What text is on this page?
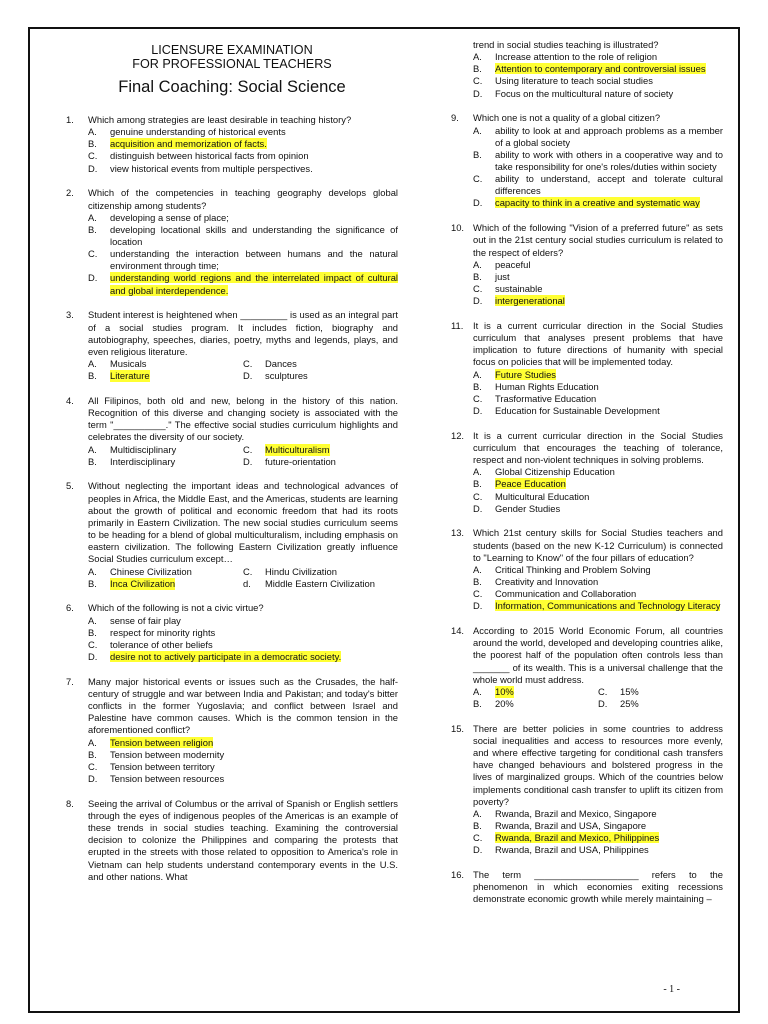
LICENSURE EXAMINATION
FOR PROFESSIONAL TEACHERS
Final Coaching: Social Science
1.	Which among strategies are least desirable in teaching history?
A.	genuine understanding of historical events
B.	acquisition and memorization of facts.
C.	distinguish between historical facts from opinion
D.	view historical events from multiple perspectives.
2.	Which of the competencies in teaching geography develops global citizenship among students?
A.	developing a sense of place;
B.	developing locational skills and understanding the significance of location
C.	understanding the interaction between humans and the natural environment through time;
D.	understanding world regions and the interrelated impact of cultural and global interdependence.
3.	Student interest is heightened when _________ is used as an integral part of a social studies program. It includes fiction, biography and autobiography, speeches, diaries, poetry, myths and legends, plays, and even religious literature.
A.	Musicals	C.	Dances
B.	Literature	D.	sculptures
4.	All Filipinos, both old and new, belong in the history of this nation. Recognition of this diverse and changing society is associated with the term "__________." The effective social studies curriculum highlights and celebrates the diversity of our society.
A.	Multidisciplinary	C.	Multiculturalism
B.	Interdisciplinary	D.	future-orientation
5.	Without neglecting the important ideas and technological advances of peoples in Africa, the Middle East, and the Americas, students are learning about the growth of political and economic freedom that had its roots primarily in Eastern Civilization. The new social studies curriculum seems to be heading for a blend of global multiculturalism, including emphasis on eastern civilization. The following Eastern Civilization greatly influence Social Studies curriculum except…
A.	Chinese Civilization	C.	Hindu Civilization
B.	Inca Civilization	d.	Middle Eastern Civilization
6.	Which of the following is not a civic virtue?
A.	sense of fair play
B.	respect for minority rights
C.	tolerance of other beliefs
D.	desire not to actively participate in a democratic society.
7.	Many major historical events or issues such as the Crusades, the half-century of struggle and war between India and Pakistan; and today's bitter conflicts in the former Yugoslavia; and conflict between Israel and Palestine have common causes. Which is the common tension in the aforementioned conflict?
A.	Tension between religion
B.	Tension between modernity
C.	Tension between territory
D.	Tension between resources
8.	Seeing the arrival of Columbus or the arrival of Spanish or English settlers through the eyes of indigenous peoples of the Americas is an example of these trends in social studies teaching. Examining the controversial decision to colonize the Philippines and comparing the protests that erupted in the streets with those related to opposition to America's role in Vietnam can help students understand contemporary events in the U.S. and other nations. What
trend in social studies teaching is illustrated?
A.	Increase attention to the role of religion
B.	Attention to contemporary and controversial issues
C.	Using literature to teach social studies
D.	Focus on the multicultural nature of society
9.	Which one is not a quality of a global citizen?
A.	ability to look at and approach problems as a member of a global society
B.	ability to work with others in a cooperative way and to take responsibility for one's roles/duties within society
C.	ability to understand, accept and tolerate cultural differences
D.	capacity to think in a creative and systematic way
10. Which of the following "Vision of a preferred future" as sets out in the 21st century social studies curriculum is related to the respect of elders?
A.	peaceful
B.	just
C.	sustainable
D.	intergenerational
11.	It is a current curricular direction in the Social Studies curriculum that analyses present problems that have implication to future directions of humanity with special focus on policies that will be implemented today.
A.	Future Studies
B.	Human Rights Education
C.	Trasformative Education
D.	Education for Sustainable Development
12. It is a current curricular direction in the Social Studies curriculum that encourages the teaching of tolerance, respect and non-violent techniques in solving problems.
A.	Global Citizenship Education
B.	Peace Education
C.	Multicultural Education
D.	Gender Studies
13. Which 21st century skills for Social Studies teachers and students (based on the new K-12 Curriculum) is connected to "Learning to Know" of the four pillars of education?
A.	Critical Thinking and Problem Solving
B.	Creativity and Innovation
C.	Communication and Collaboration
D.	Information, Communications and Technology Literacy
14. According to 2015 World Economic Forum, all countries around the world, developed and developing countries alike, the poorest half of the population often controls less than _______ of its wealth. This is a universal challenge that the whole world must address.
A.	10%	C.	15%
B.	20%	D.	25%
15. There are better policies in some countries to address social inequalities and access to resources more evenly, and where effective targeting for conditional cash transfers have changed behaviours and bolstered progress in the lives of marginalized groups. Which of the countries below implements conditional cash transfer to uplift its citizen from poverty?
A.	Rwanda, Brazil and Mexico, Singapore
B.	Rwanda, Brazil and USA, Singapore
C.	Rwanda, Brazil and Mexico, Philippines
D.	Rwanda, Brazil and USA, Philippines
16. The term ____________________ refers to the phenomenon in which economies exiting recessions demonstrate economic growth while merely maintaining –
- 1 -
